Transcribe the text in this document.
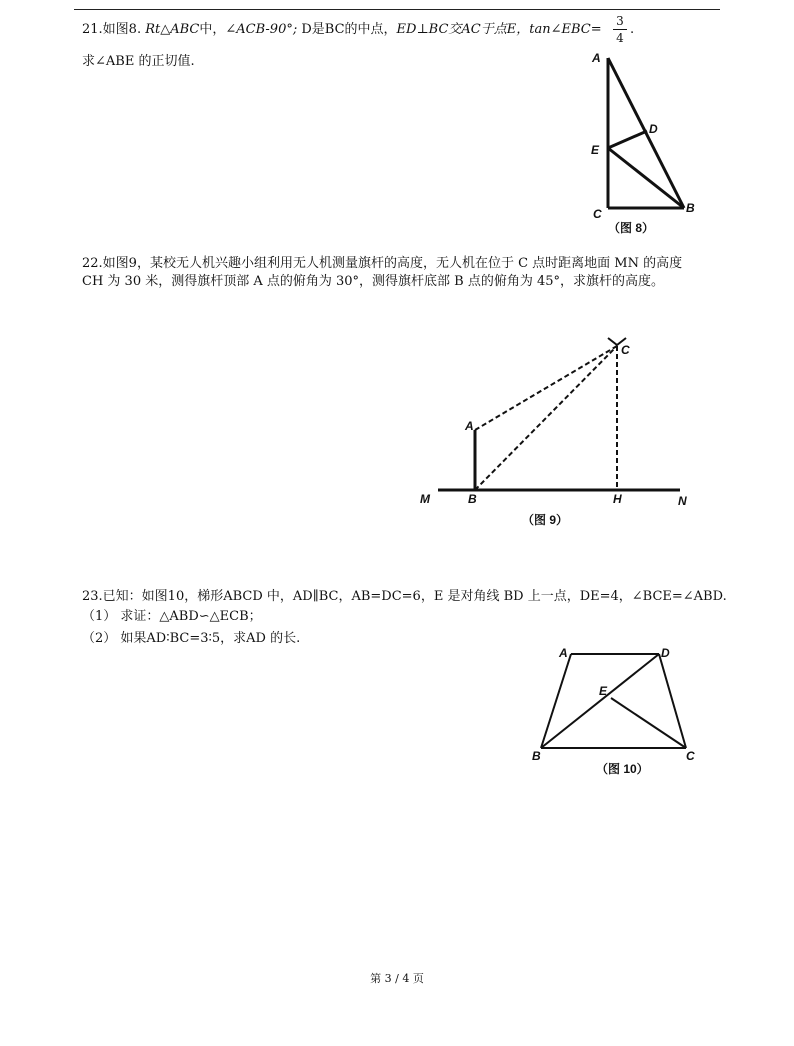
21.如图8. Rt△ABC中，∠ACB-90°; D是BC的中点，ED⊥BC交AC于点E，tan∠EBC=
3
4
.
求∠ABE 的正切值.	A
D
E
C	B
（图 8）
22.如图9，某校无人机兴趣小组利用无人机测量旗杆的高度，无人机在位于 C 点时距离地面 MN 的高度
CH 为 30 米，测得旗杆顶部 A 点的俯角为 30°，测得旗杆底部 B 点的俯角为 45°，求旗杆的高度。
M
A
B
C
H	N
（图 9）
23.已知：如图10，梯形ABCD 中，AD∥BC，AB=DC=6，E 是对角线 BD 上一点，DE=4，∠BCE=∠ABD.
（1） 求证：△ABD∽△ECB；
（2） 如果AD∶BC=3∶5，求AD 的长.
A	D
E
B	C
（图 10）
第 3 / 4 页
